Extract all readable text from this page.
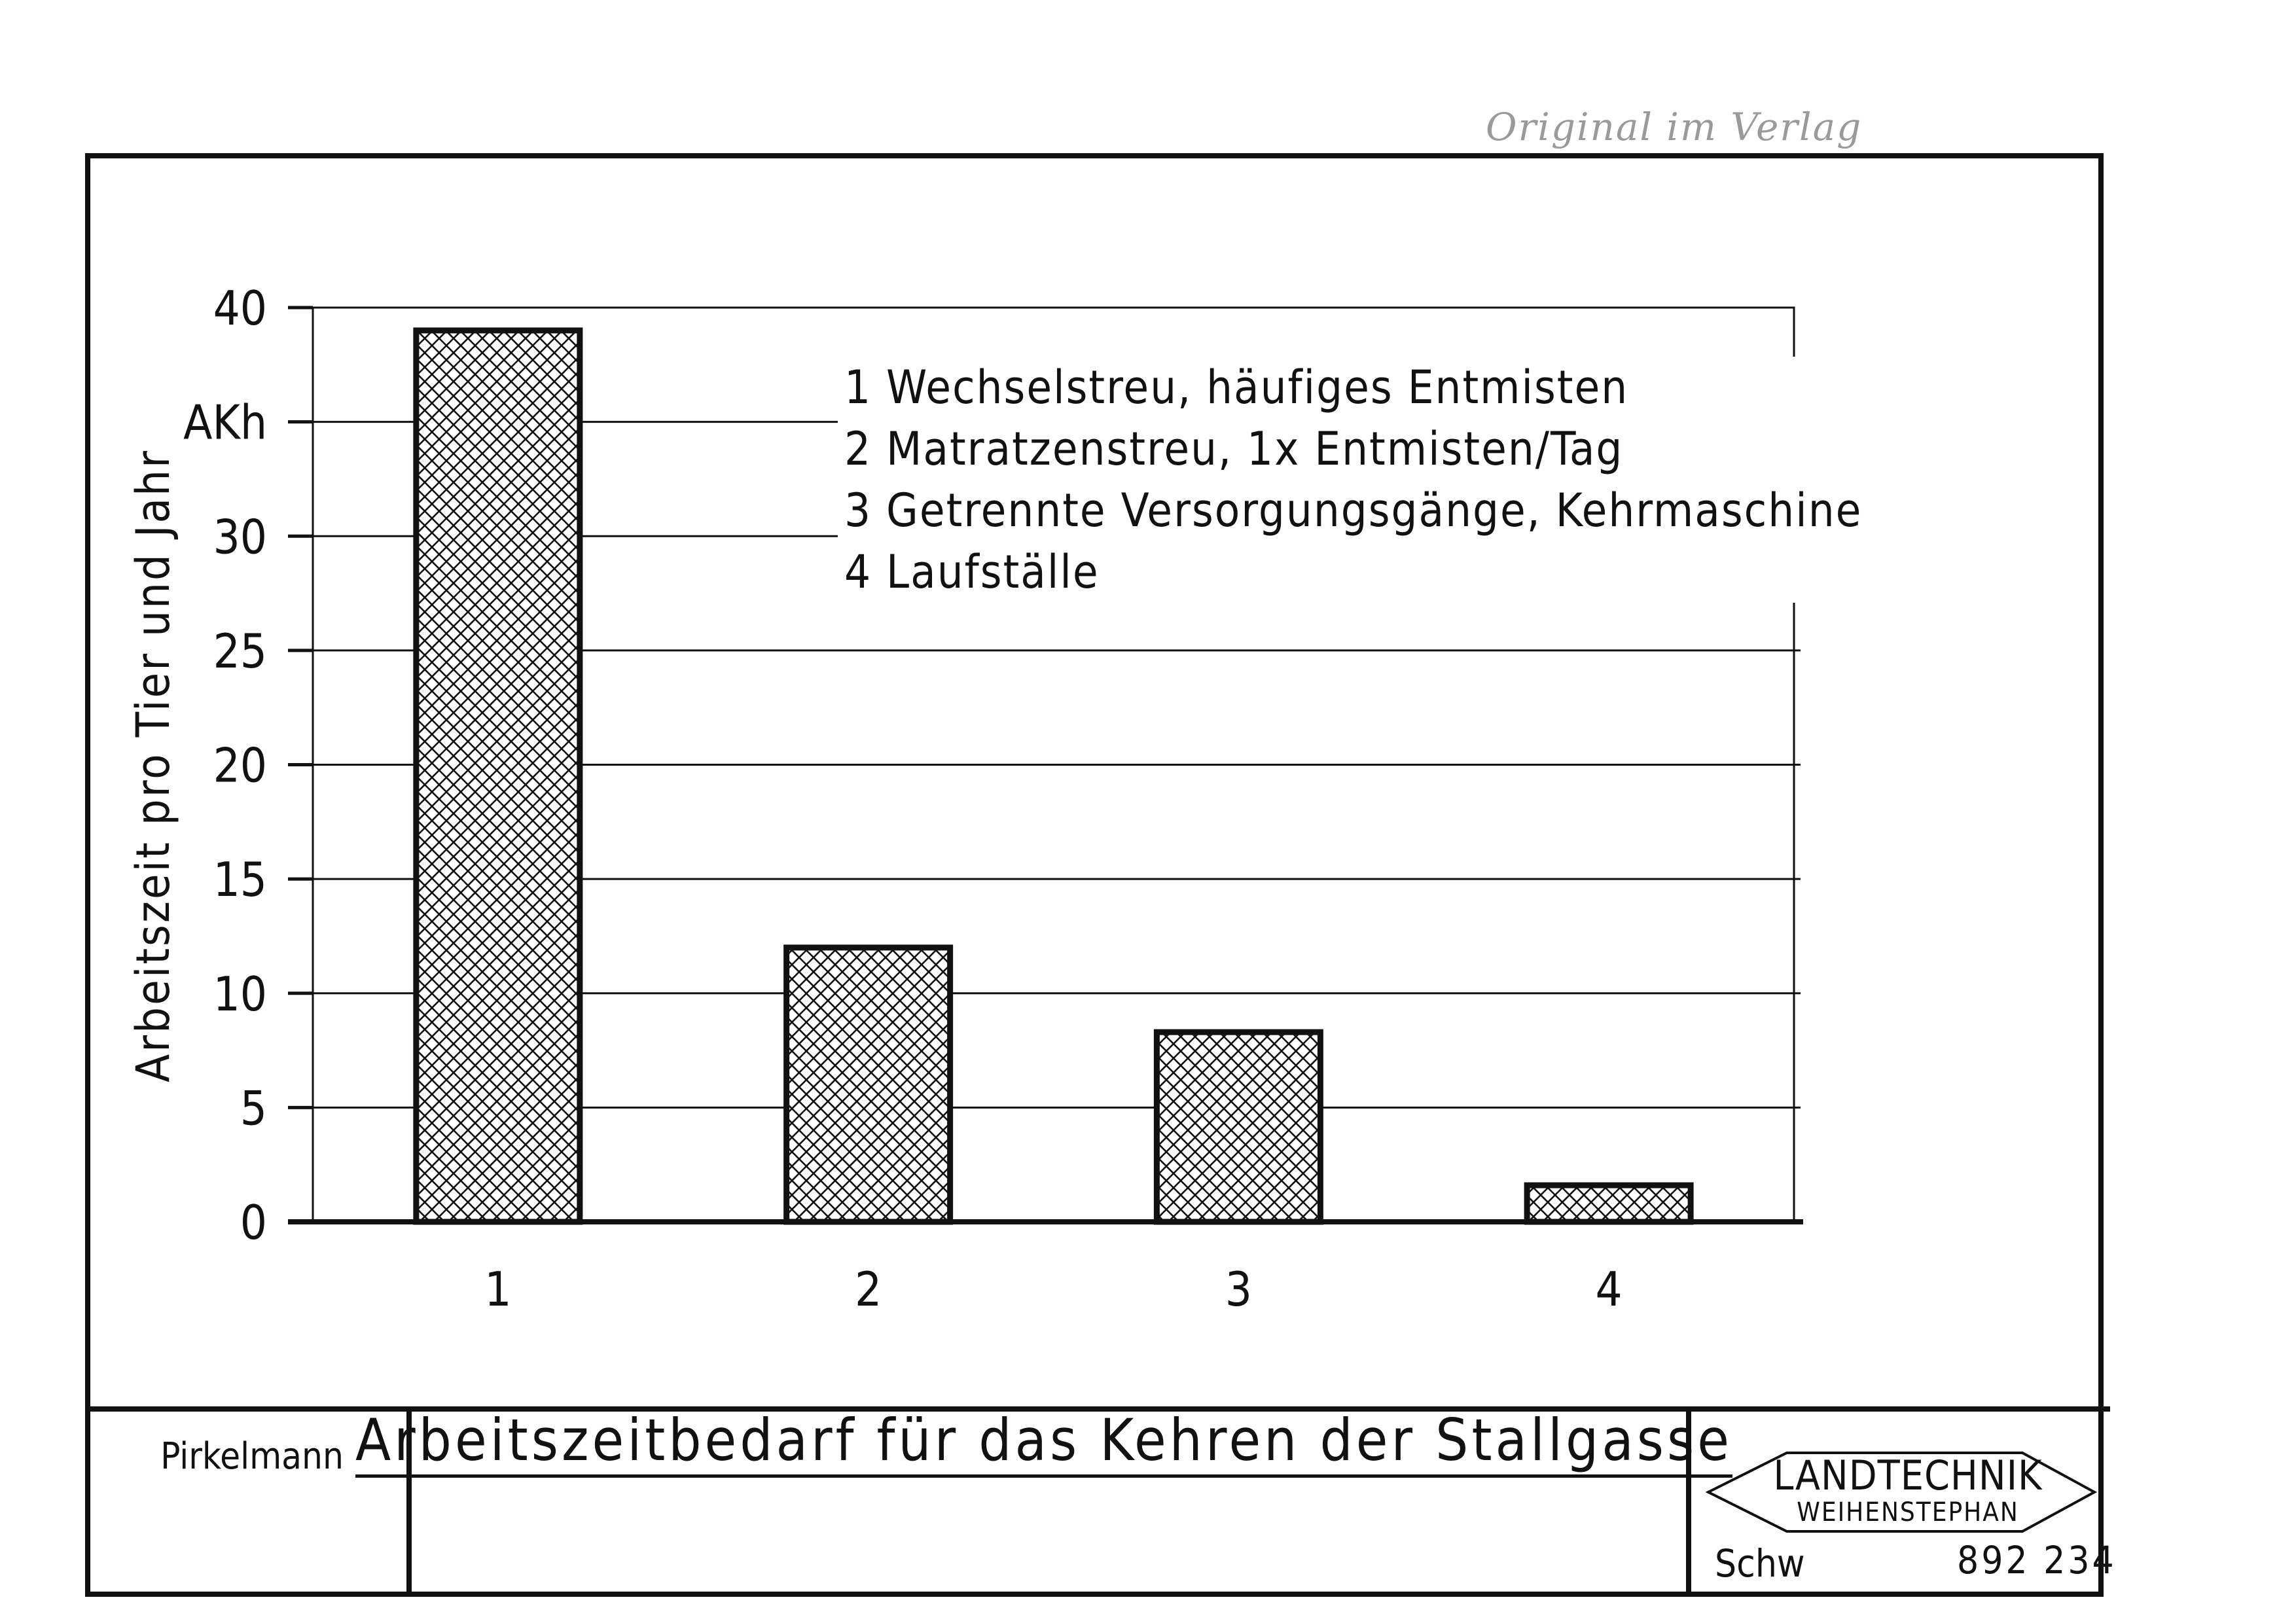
0
5
10
15
20
25
30
AKh
40
1	2	3	4
Arbeitszeit pro Tier und Jahr
Original im Verlag
1 Wechselstreu, häufiges Entmisten
2 Matratzenstreu, 1x Entmisten/Tag
3 Getrennte Versorgungsgänge, Kehrmaschine
4 Laufställe
Pirkelmann Arbeitszeitbedarf für das Kehren der Stallgasse
LANDTECHNIK
WEIHENSTEPHAN
Schw	892 234
